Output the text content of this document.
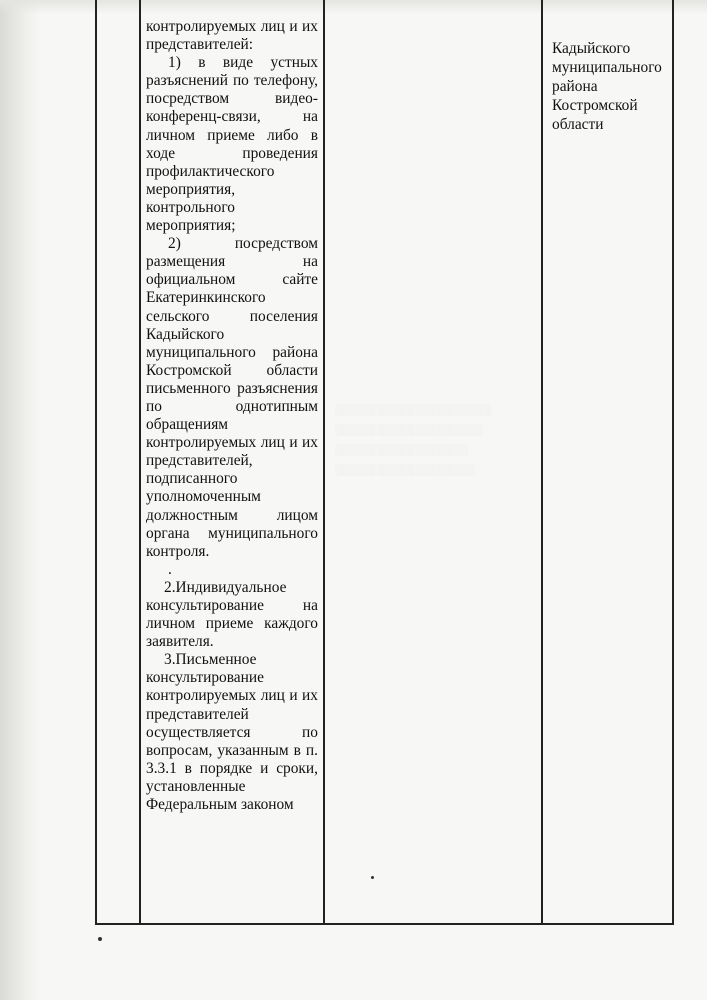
░░░░░░░░░░░░░░░░░░░░
░░░░░░░░░░░░░░░░░░░
░░░░░░░░░░░░░░░░░
░░░░░░░░░░░░░░░░░░

контролируемых лиц и их представителей:

1) в виде устных разъяснений по телефону, посредством видео-конференц-связи, на личном приеме либо в ходе проведения профилактического мероприятия, контрольного мероприятия;

2) посредством размещения на официальном сайте Екатеринкинского сельского поселения Кадыйского муниципального района Костромской области письменного разъяснения по однотипным обращениям контролируемых лиц и их представителей, подписанного уполномоченным должностным лицом органа муниципального контроля.

.

2.Индивидуальное консультирование на личном приеме каждого заявителя.

3.Письменное консультирование контролируемых лиц и их представителей осуществляется по вопросам, указанным в п. 3.3.1 в порядке и сроки, установленные Федеральным законом

Кадыйского муниципального района Костромской области
